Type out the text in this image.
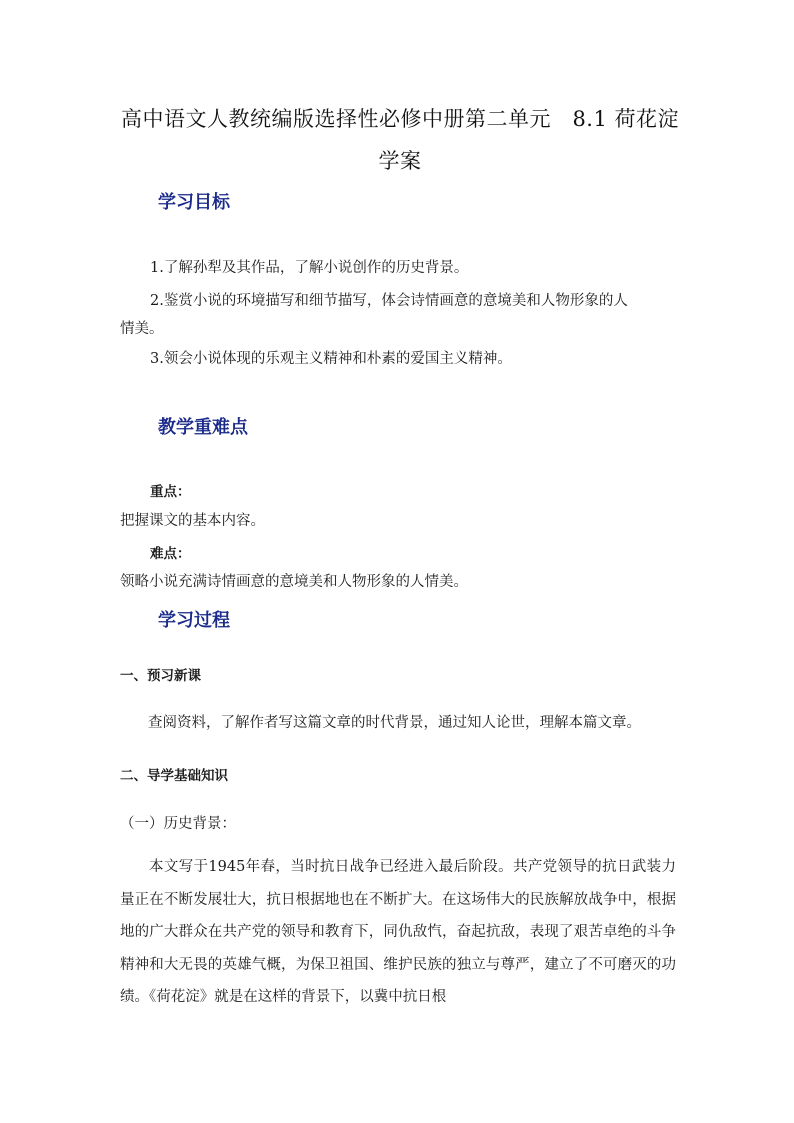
高中语文人教统编版选择性必修中册第二单元　8.1 荷花淀
学案
学习目标
1.了解孙犁及其作品，了解小说创作的历史背景。
2.鉴赏小说的环境描写和细节描写，体会诗情画意的意境美和人物形象的人
情美。
3.领会小说体现的乐观主义精神和朴素的爱国主义精神。
教学重难点
重点：
把握课文的基本内容。
难点：
领略小说充满诗情画意的意境美和人物形象的人情美。
学习过程
一、预习新课
查阅资料，了解作者写这篇文章的时代背景，通过知人论世，理解本篇文章。
二、导学基础知识
（一）历史背景：
本文写于1945年春，当时抗日战争已经进入最后阶段。共产党领导的抗日武装力量正在不断发展壮大，抗日根据地也在不断扩大。在这场伟大的民族解放战争中，根据地的广大群众在共产党的领导和教育下，同仇敌忾，奋起抗敌，表现了艰苦卓绝的斗争精神和大无畏的英雄气概，为保卫祖国、维护民族的独立与尊严，建立了不可磨灭的功绩。《荷花淀》就是在这样的背景下，以冀中抗日根
